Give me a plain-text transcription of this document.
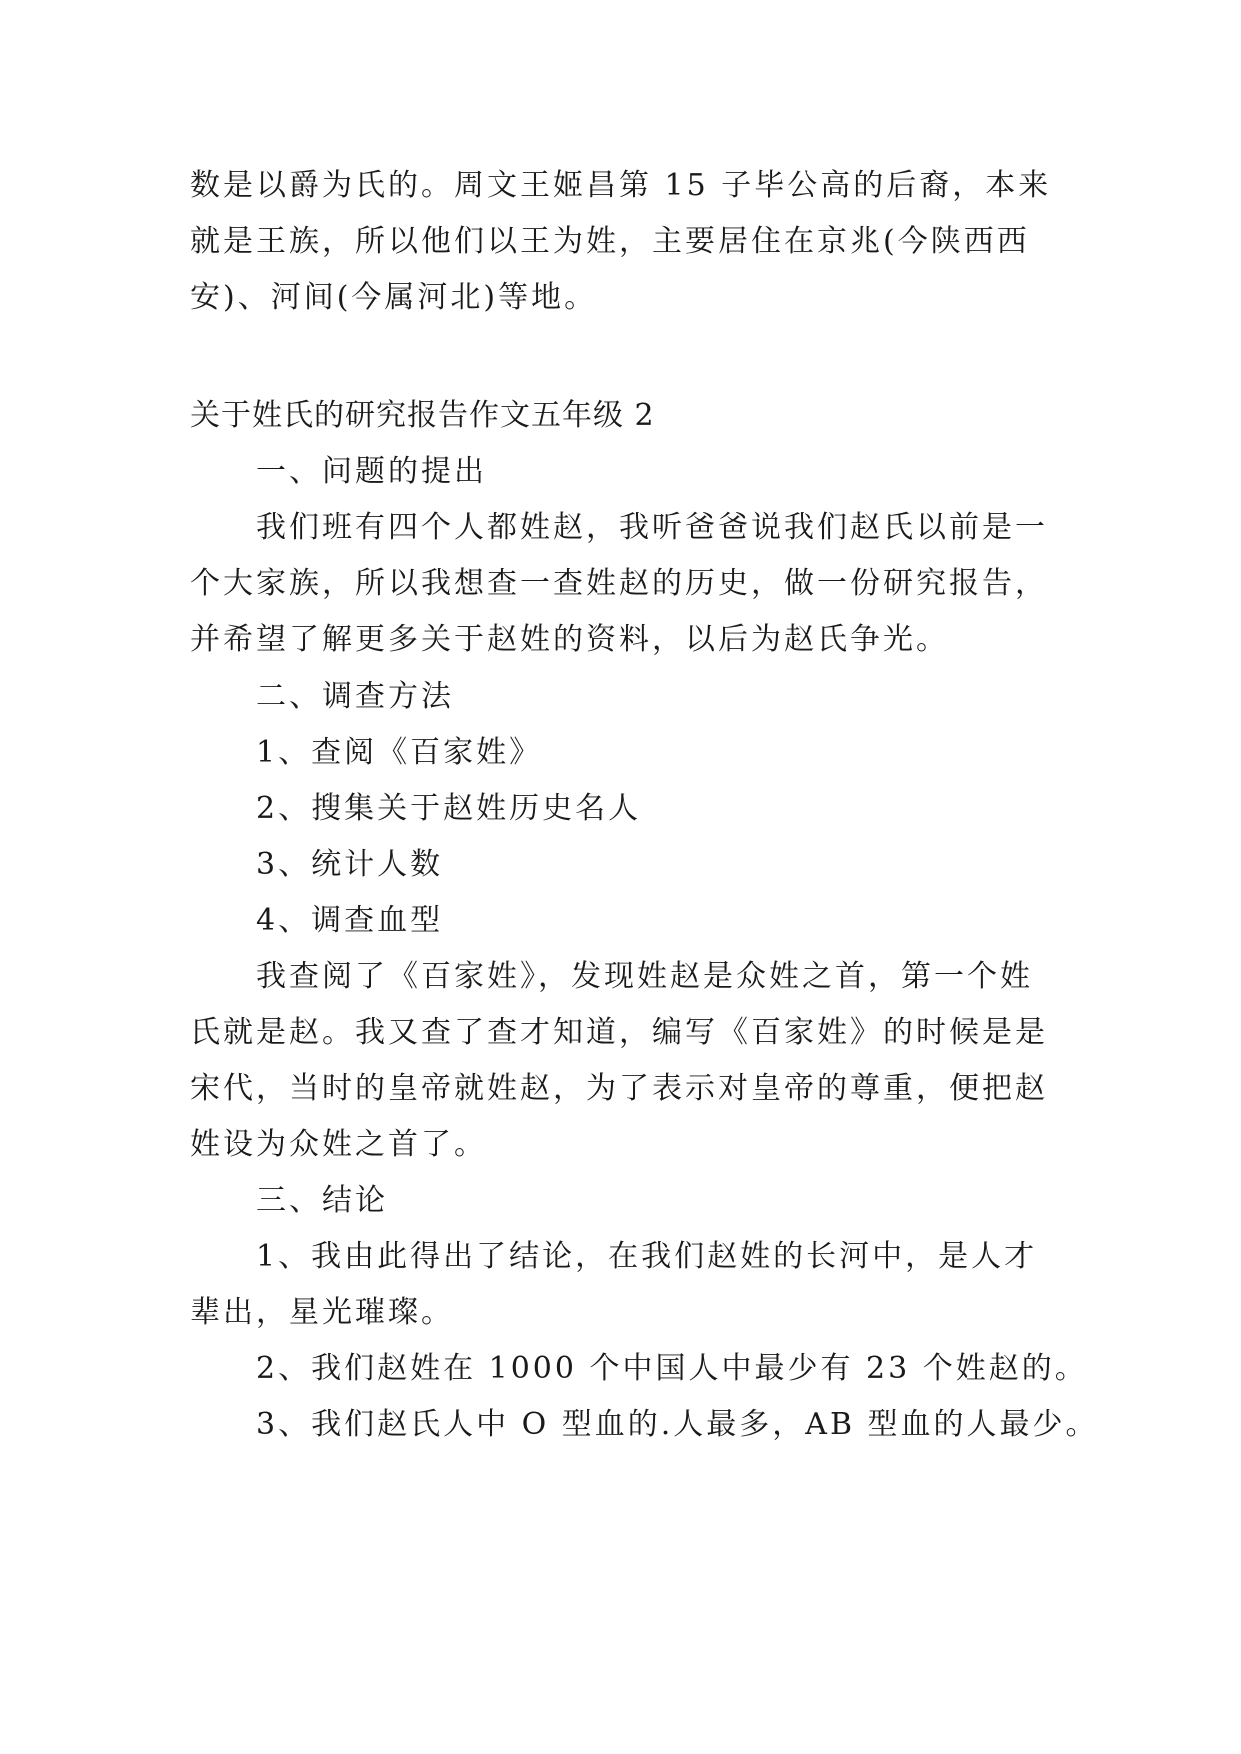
数是以爵为氏的。周文王姬昌第 15 子毕公高的后裔，本来
就是王族，所以他们以王为姓，主要居住在京兆(今陕西西
安)、河间(今属河北)等地。
关于姓氏的研究报告作文五年级 2
一、问题的提出
我们班有四个人都姓赵，我听爸爸说我们赵氏以前是一
个大家族，所以我想查一查姓赵的历史，做一份研究报告，
并希望了解更多关于赵姓的资料，以后为赵氏争光。
二、调查方法
1、查阅《百家姓》
2、搜集关于赵姓历史名人
3、统计人数
4、调查血型
我查阅了《百家姓》，发现姓赵是众姓之首，第一个姓
氏就是赵。我又查了查才知道，编写《百家姓》的时候是是
宋代，当时的皇帝就姓赵，为了表示对皇帝的尊重，便把赵
姓设为众姓之首了。
三、结论
1、我由此得出了结论，在我们赵姓的长河中，是人才
辈出，星光璀璨。
2、我们赵姓在 1000 个中国人中最少有 23 个姓赵的。
3、我们赵氏人中 O 型血的.人最多，AB 型血的人最少。
